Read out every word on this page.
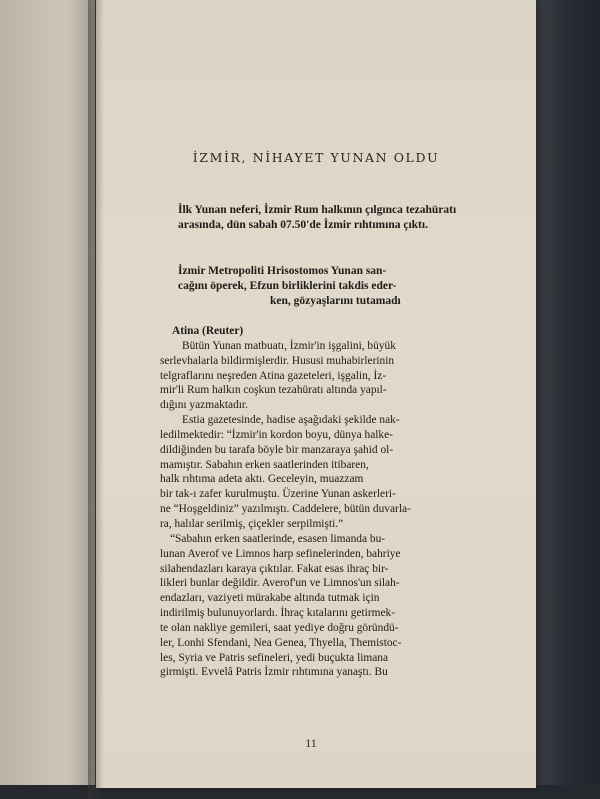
İZMİR, NİHAYET YUNAN OLDU
İlk Yunan neferi, İzmir Rum halkının çılgınca tezahüratı arasında, dün sabah 07.50'de İzmir rıhtımına çıktı.
İzmir Metropoliti Hrisostomos Yunan san-
cağını öperek, Efzun birliklerini takdis eder-
ken, gözyaşlarını tutamadı
Atina (Reuter)
Bütün Yunan matbuatı, İzmir'in işgalini, büyük
serlevhalarla bildirmişlerdir. Hususi muhabirlerinin
telgraflarını neşreden Atina gazeteleri, işgalin, İz-
mir'li Rum halkın coşkun tezahüratı altında yapıl-
dığını yazmaktadır.
Estia gazetesinde, hadise aşağıdaki şekilde nak-
ledilmektedir: “İzmir'in kordon boyu, dünya halke-
dildiğinden bu tarafa böyle bir manzaraya şahid ol-
mamıştır. Sabahın erken saatlerinden itibaren,
halk rıhtıma adeta aktı. Geceleyin, muazzam
bir tak-ı zafer kurulmuştu. Üzerine Yunan askerleri-
ne “Hoşgeldiniz” yazılmıştı. Caddelere, bütün duvarla-
ra, halılar serilmiş, çiçekler serpilmişti.”
“Sabahın erken saatlerinde, esasen limanda bu-
lunan Averof ve Limnos harp sefinelerinden, bahriye
silahendazları karaya çıktılar. Fakat esas ihraç bir-
likleri bunlar değildir. Averof'un ve Limnos'un silah-
endazları, vaziyeti mürakabe altında tutmak için
indirilmiş bulunuyorlardı. İhraç kıtalarını getirmek-
te olan nakliye gemileri, saat yediye doğru göründü-
ler, Lonhi Sfendani, Nea Genea, Thyella, Themistoc-
les, Syria ve Patris sefineleri, yedi buçukta limana
girmişti. Evvelâ Patris İzmir rıhtımına yanaştı. Bu
11
